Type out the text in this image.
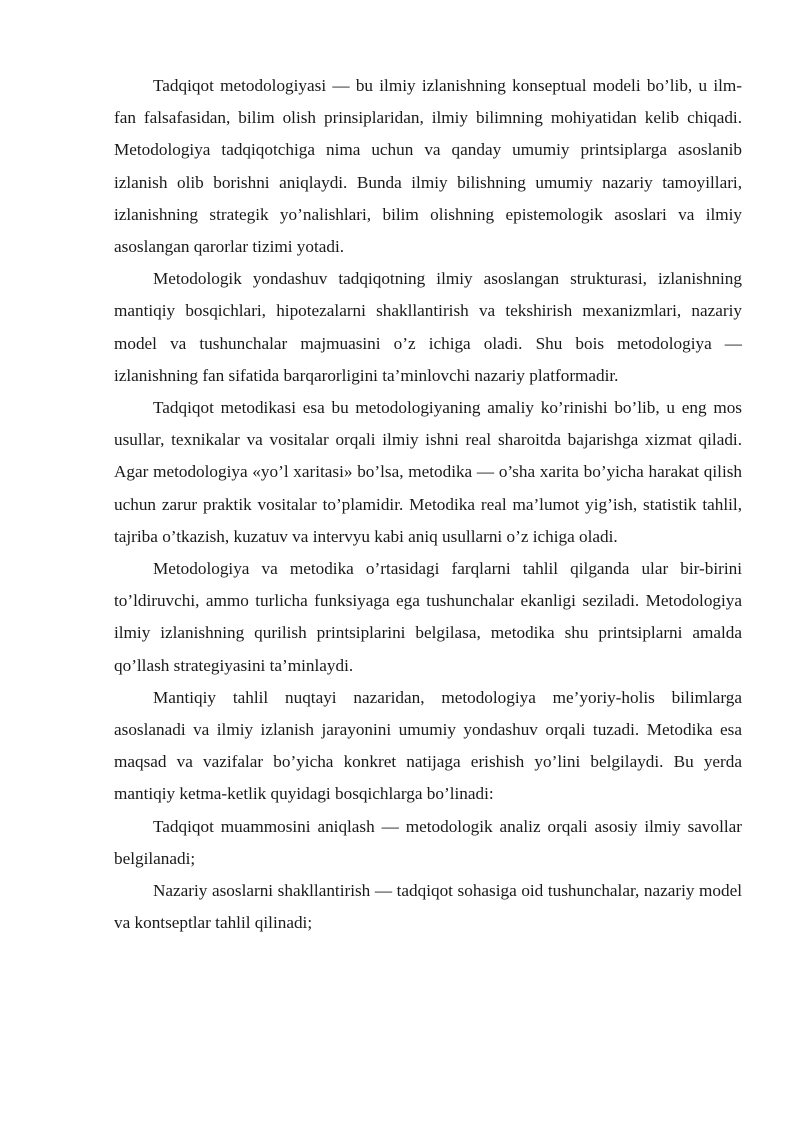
Tadqiqot metodologiyasi — bu ilmiy izlanishning konseptual modeli bo’lib, u ilm-fan falsafasidan, bilim olish prinsiplaridan, ilmiy bilimning mohiyatidan kelib chiqadi. Metodologiya tadqiqotchiga nima uchun va qanday umumiy printsiplarga asoslanib izlanish olib borishni aniqlaydi. Bunda ilmiy bilishning umumiy nazariy tamoyillari, izlanishning strategik yo’nalishlari, bilim olishning epistemologik asoslari va ilmiy asoslangan qarorlar tizimi yotadi.

Metodologik yondashuv tadqiqotning ilmiy asoslangan strukturasi, izlanishning mantiqiy bosqichlari, hipotezalarni shakllantirish va tekshirish mexanizmlari, nazariy model va tushunchalar majmuasini o’z ichiga oladi. Shu bois metodologiya — izlanishning fan sifatida barqarorligini ta’minlovchi nazariy platformadir.

Tadqiqot metodikasi esa bu metodologiyaning amaliy ko’rinishi bo’lib, u eng mos usullar, texnikalar va vositalar orqali ilmiy ishni real sharoitda bajarishga xizmat qiladi. Agar metodologiya «yo’l xaritasi» bo’lsa, metodika — o’sha xarita bo’yicha harakat qilish uchun zarur praktik vositalar to’plamidir. Metodika real ma’lumot yig’ish, statistik tahlil, tajriba o’tkazish, kuzatuv va intervyu kabi aniq usullarni o’z ichiga oladi.

Metodologiya va metodika o’rtasidagi farqlarni tahlil qilganda ular bir-birini to’ldiruvchi, ammo turlicha funksiyaga ega tushunchalar ekanligi seziladi. Metodologiya ilmiy izlanishning qurilish printsiplarini belgilasa, metodika shu printsiplarni amalda qo’llash strategiyasini ta’minlaydi.

Mantiqiy tahlil nuqtayi nazaridan, metodologiya me’yoriy-holis bilimlarga asoslanadi va ilmiy izlanish jarayonini umumiy yondashuv orqali tuzadi. Metodika esa maqsad va vazifalar bo’yicha konkret natijaga erishish yo’lini belgilaydi. Bu yerda mantiqiy ketma-ketlik quyidagi bosqichlarga bo’linadi:

Tadqiqot muammosini aniqlash — metodologik analiz orqali asosiy ilmiy savollar belgilanadi;

Nazariy asoslarni shakllantirish — tadqiqot sohasiga oid tushunchalar, nazariy model va kontseptlar tahlil qilinadi;
